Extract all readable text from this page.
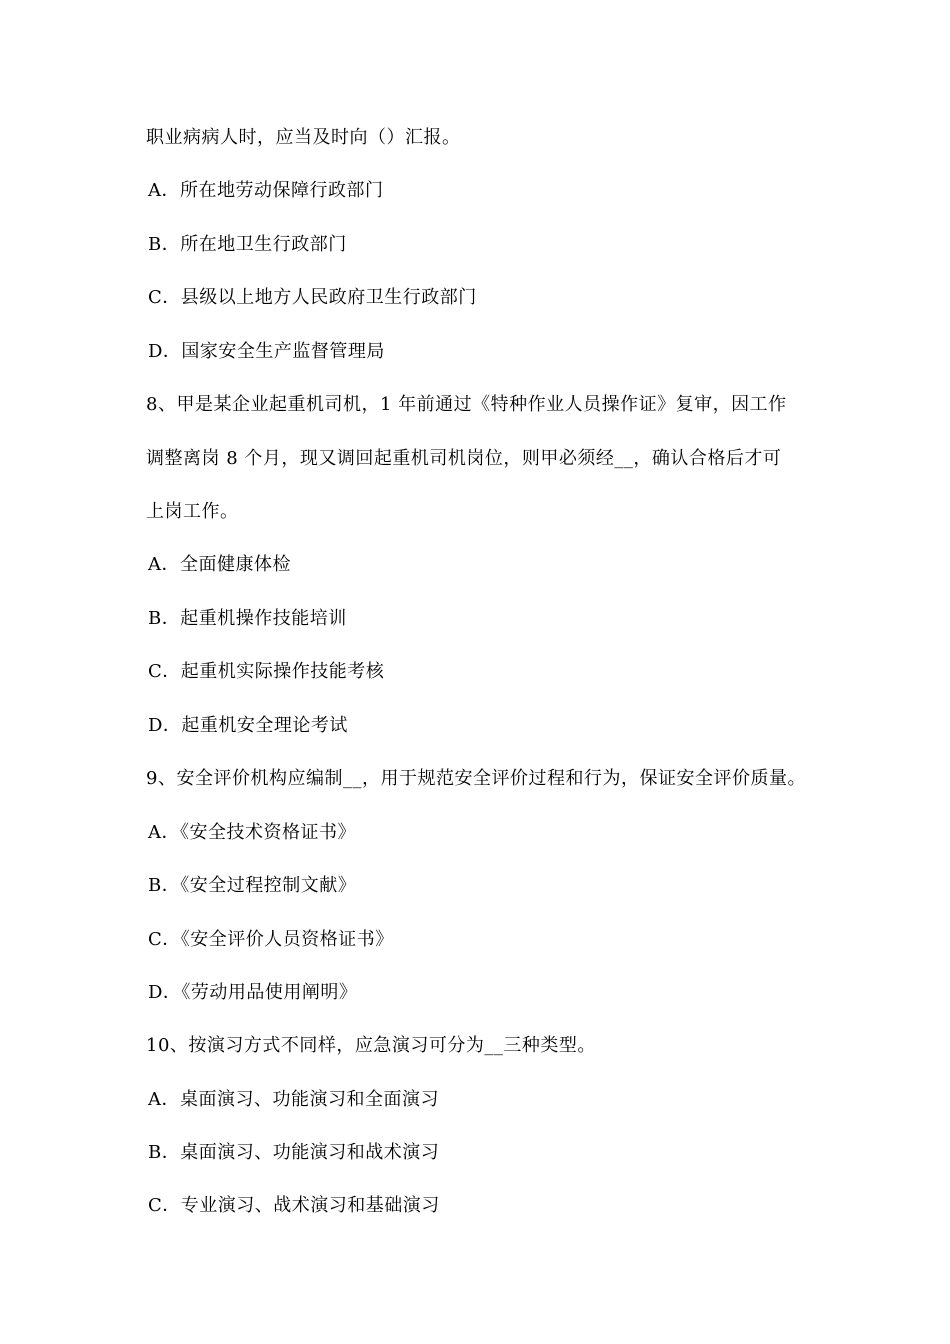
职业病病人时，应当及时向（）汇报。
A．所在地劳动保障行政部门
B．所在地卫生行政部门
C．县级以上地方人民政府卫生行政部门
D．国家安全生产监督管理局
8、甲是某企业起重机司机，1 年前通过《特种作业人员操作证》复审，因工作
调整离岗 8 个月，现又调回起重机司机岗位，则甲必须经__，确认合格后才可
上岗工作。
A．全面健康体检
B．起重机操作技能培训
C．起重机实际操作技能考核
D．起重机安全理论考试
9、安全评价机构应编制__，用于规范安全评价过程和行为，保证安全评价质量。
A．《安全技术资格证书》
B．《安全过程控制文献》
C．《安全评价人员资格证书》
D．《劳动用品使用阐明》
10、按演习方式不同样，应急演习可分为__三种类型。
A．桌面演习、功能演习和全面演习
B．桌面演习、功能演习和战术演习
C．专业演习、战术演习和基础演习
